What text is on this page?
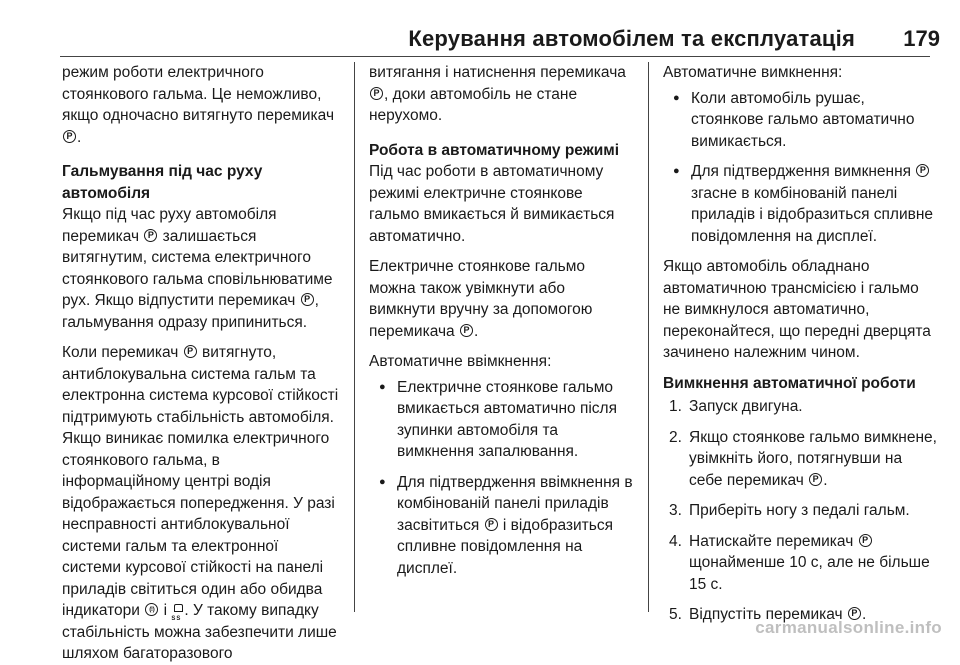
Керування автомобілем та експлуатація	179

режим роботи електричного стоянкового гальма. Це неможливо, якщо одночасно витягнуто перемикач P.

Гальмування під час руху автомобіля

Якщо під час руху автомобіля перемикач P залишається витягнутим, система електричного стоянкового гальма сповільнюватиме рух. Якщо відпустити перемикач P , гальмування одразу припиниться.

Коли перемикач P витягнуто, антиблокувальна система гальм та електронна система курсової стійкості підтримують стабільність автомобіля. Якщо виникає помилка електричного стоянкового гальма, в інформаційному центрі водія відображається попередження. У разі несправності антиблокувальної системи гальм та електронної системи курсової стійкості на панелі приладів світиться один або обидва індикатори (!) і S S . У такому випадку стабільність можна забезпечити лише шляхом багаторазового

витягання і натиснення перемикача P, доки автомобіль не стане нерухомо.

Робота в автоматичному режимі

Під час роботи в автоматичному режимі електричне стоянкове гальмо вмикається й вимикається автоматично.

Електричне стоянкове гальмо можна також увімкнути або вимкнути вручну за допомогою перемикача P .

Автоматичне ввімкнення:

● Електричне стоянкове гальмо вмикається автоматично після зупинки автомобіля та вимкнення запалювання.
● Для підтвердження ввімкнення в комбінованій панелі приладів засвітиться P і відобразиться спливне повідомлення на дисплеї.

Автоматичне вимкнення:

● Коли автомобіль рушає, стоянкове гальмо автоматично вимикається.
● Для підтвердження вимкнення P згасне в комбінованій панелі приладів і відобразиться спливне повідомлення на дисплеї.

Якщо автомобіль обладнано автоматичною трансмісією і гальмо не вимкнулося автоматично, переконайтеся, що передні дверцята зачинено належним чином.

Вимкнення автоматичної роботи
1. Запуск двигуна.
2. Якщо стоянкове гальмо вимкнене, увімкніть його, потягнувши на себе перемикач P .
3. Приберіть ногу з педалі гальм.
4. Натискайте перемикач P щонайменше 10 с, але не більше 15 с.
5. Відпустіть перемикач P .
carmanualsonline.info
